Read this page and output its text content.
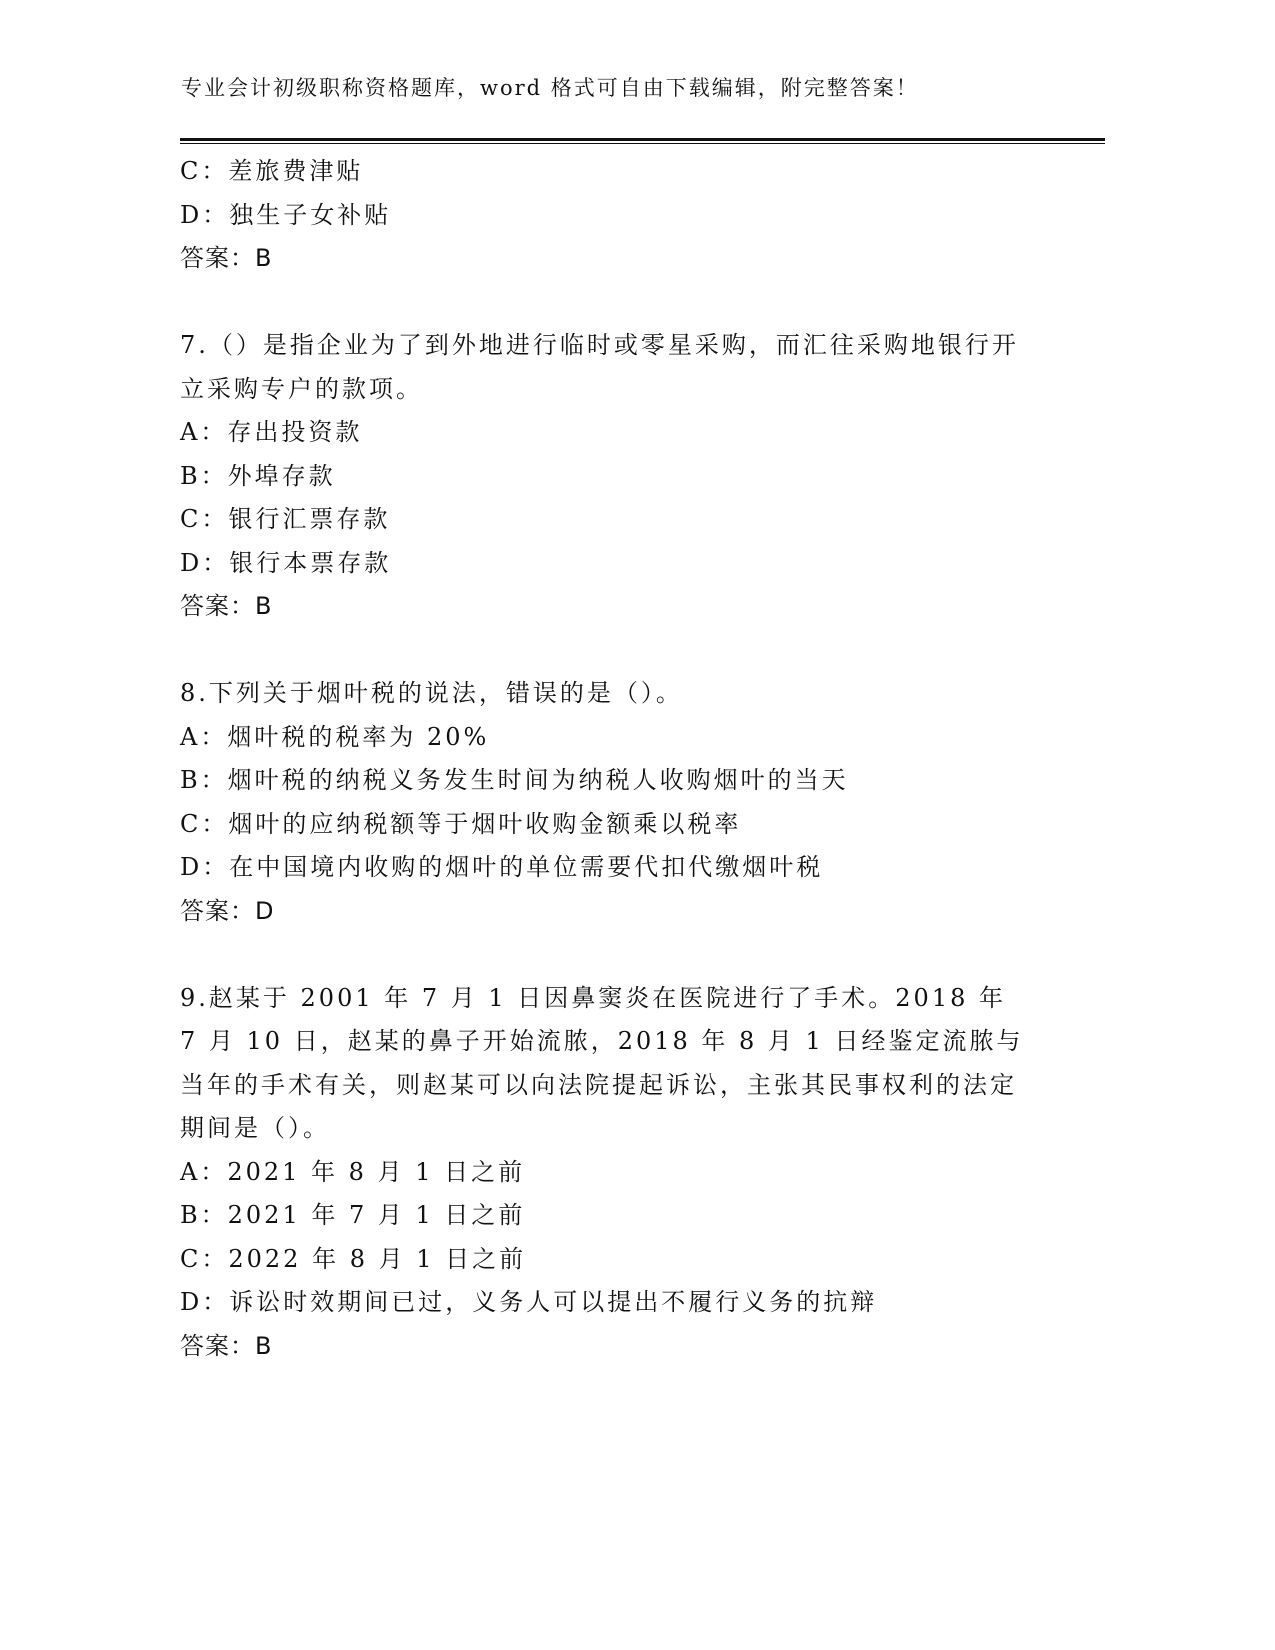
专业会计初级职称资格题库，word 格式可自由下载编辑，附完整答案！
C：差旅费津贴
D：独生子女补贴
答案：B
7.（）是指企业为了到外地进行临时或零星采购，而汇往采购地银行开立采购专户的款项。
A：存出投资款
B：外埠存款
C：银行汇票存款
D：银行本票存款
答案：B
8.下列关于烟叶税的说法，错误的是（）。
A：烟叶税的税率为 20%
B：烟叶税的纳税义务发生时间为纳税人收购烟叶的当天
C：烟叶的应纳税额等于烟叶收购金额乘以税率
D：在中国境内收购的烟叶的单位需要代扣代缴烟叶税
答案：D
9.赵某于 2001 年 7 月 1 日因鼻窦炎在医院进行了手术。2018 年 7 月 10 日，赵某的鼻子开始流脓，2018 年 8 月 1 日经鉴定流脓与当年的手术有关，则赵某可以向法院提起诉讼，主张其民事权利的法定期间是（）。
A：2021 年 8 月 1 日之前
B：2021 年 7 月 1 日之前
C：2022 年 8 月 1 日之前
D：诉讼时效期间已过，义务人可以提出不履行义务的抗辩
答案：B
